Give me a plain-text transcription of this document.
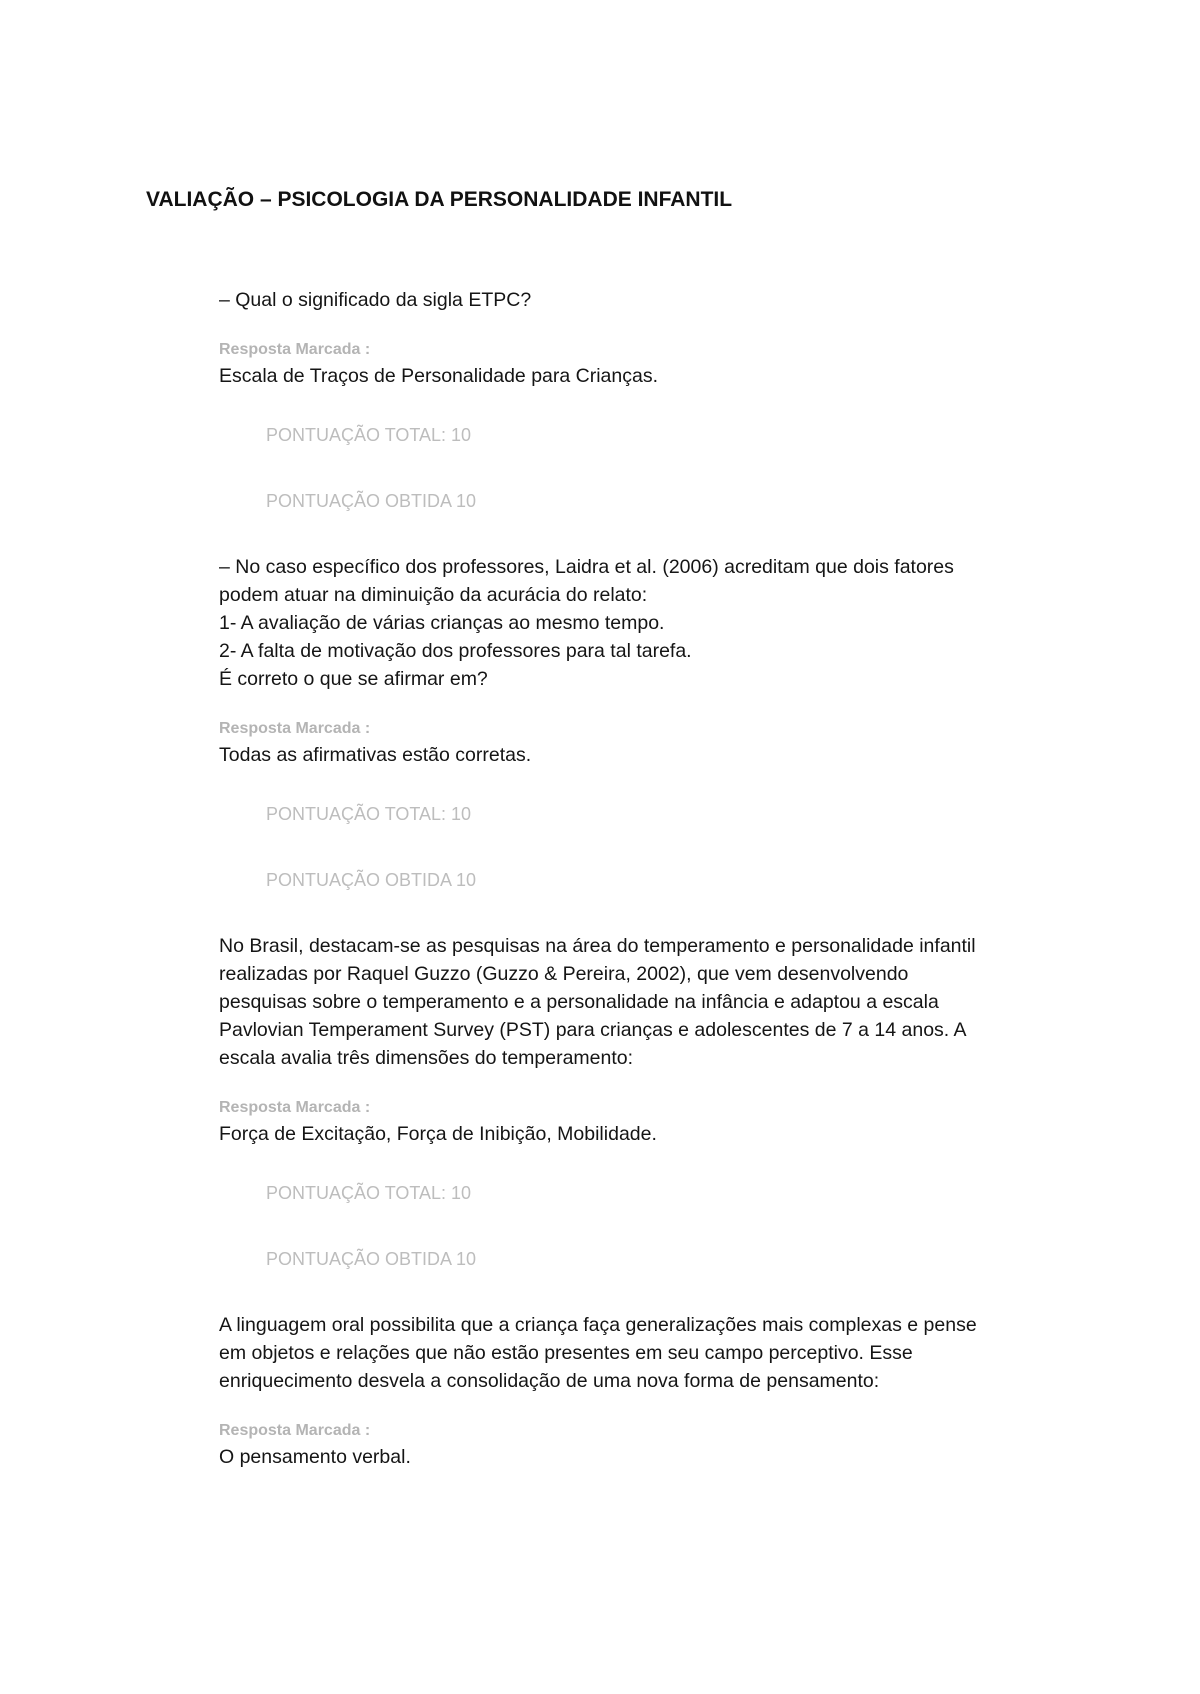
VALIAÇÃO – PSICOLOGIA DA PERSONALIDADE INFANTIL

– Qual o significado da sigla ETPC?

Resposta Marcada :
Escala de Traços de Personalidade para Crianças.
PONTUAÇÃO TOTAL: 10
PONTUAÇÃO OBTIDA 10

– No caso específico dos professores, Laidra et al. (2006) acreditam que dois fatores
podem atuar na diminuição da acurácia do relato:
1- A avaliação de várias crianças ao mesmo tempo.
2- A falta de motivação dos professores para tal tarefa.
É correto o que se afirmar em?

Resposta Marcada :
Todas as afirmativas estão corretas.
PONTUAÇÃO TOTAL: 10
PONTUAÇÃO OBTIDA 10

No Brasil, destacam-se as pesquisas na área do temperamento e personalidade infantil
realizadas por Raquel Guzzo (Guzzo & Pereira, 2002), que vem desenvolvendo
pesquisas sobre o temperamento e a personalidade na infância e adaptou a escala
Pavlovian Temperament Survey (PST) para crianças e adolescentes de 7 a 14 anos. A
escala avalia três dimensões do temperamento:

Resposta Marcada :
Força de Excitação, Força de Inibição, Mobilidade.
PONTUAÇÃO TOTAL: 10
PONTUAÇÃO OBTIDA 10

A linguagem oral possibilita que a criança faça generalizações mais complexas e pense
em objetos e relações que não estão presentes em seu campo perceptivo. Esse
enriquecimento desvela a consolidação de uma nova forma de pensamento:

Resposta Marcada :
O pensamento verbal.
